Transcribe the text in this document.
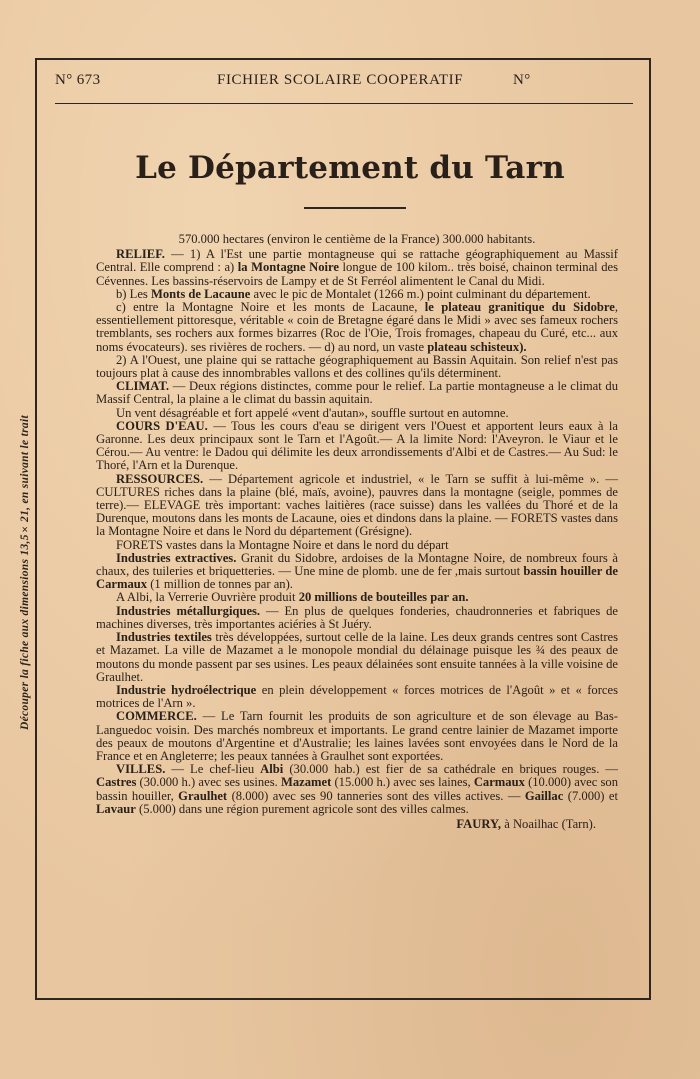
N° 673	FICHIER SCOLAIRE COOPERATIF	N°
Le Département du Tarn
Découper la fiche aux dimensions 13,5×21, en suivant le trait

570.000 hectares (environ le centième de la France) 300.000 habitants.

RELIEF. — 1) A l'Est une partie montagneuse qui se rattache géographiquement au Massif Central. Elle comprend : a) la Montagne Noire longue de 100 kilom.. très boisé, chainon terminal des Cévennes. Les bassins-réservoirs de Lampy et de St Ferréol alimentent le Canal du Midi.

b) Les Monts de Lacaune avec le pic de Montalet (1266 m.) point culminant du département.

c) entre la Montagne Noire et les monts de Lacaune, le plateau granitique du Sidobre, essentiellement pittoresque, véritable « coin de Bretagne égaré dans le Midi » avec ses fameux rochers tremblants, ses rochers aux formes bizarres (Roc de l'Oie, Trois fromages, chapeau du Curé, etc... aux noms évocateurs). ses rivières de rochers. — d) au nord, un vaste plateau schisteux).

2) A l'Ouest, une plaine qui se rattache géographiquement au Bassin Aquitain. Son relief n'est pas toujours plat à cause des innombrables vallons et des collines qu'ils déterminent.

CLIMAT. — Deux régions distinctes, comme pour le relief. La partie montagneuse a le climat du Massif Central, la plaine a le climat du bassin aquitain.

Un vent désagréable et fort appelé «vent d'autan», souffle surtout en automne.

COURS D'EAU. — Tous les cours d'eau se dirigent vers l'Ouest et apportent leurs eaux à la Garonne. Les deux principaux sont le Tarn et l'Agoût.— A la limite Nord: l'Aveyron. le Viaur et le Cérou.— Au ventre: le Dadou qui délimite les deux arrondissements d'Albi et de Castres.— Au Sud: le Thoré, l'Arn et la Durenque.

RESSOURCES. — Département agricole et industriel, « le Tarn se suffit à lui-même ». — CULTURES riches dans la plaine (blé, maïs, avoine), pauvres dans la montagne (seigle, pommes de terre).— ELEVAGE très important: vaches laitières (race suisse) dans les vallées du Thoré et de la Durenque, moutons dans les monts de Lacaune, oies et dindons dans la plaine. — FORETS vastes dans la Montagne Noire et dans le Nord du département (Grésigne).

FORETS vastes dans la Montagne Noire et dans le nord du départ

Industries extractives. Granit du Sidobre, ardoises de la Montagne Noire, de nombreux fours à chaux, des tuileries et briquetteries. — Une mine de plomb. une de fer ,mais surtout bassin houiller de Carmaux (1 million de tonnes par an).

A Albi, la Verrerie Ouvrière produit 20 millions de bouteilles par an.

Industries métallurgiques. — En plus de quelques fonderies, chaudronneries et fabriques de machines diverses, très importantes aciéries à St Juéry.

Industries textiles très développées, surtout celle de la laine. Les deux grands centres sont Castres et Mazamet. La ville de Mazamet a le monopole mondial du délainage puisque les ¾ des peaux de moutons du monde passent par ses usines. Les peaux délainées sont ensuite tannées à la ville voisine de Graulhet.

Industrie hydroélectrique en plein développement « forces motrices de l'Agoût » et « forces motrices de l'Arn ».

COMMERCE. — Le Tarn fournit les produits de son agriculture et de son élevage au Bas-Languedoc voisin. Des marchés nombreux et importants. Le grand centre lainier de Mazamet importe des peaux de moutons d'Argentine et d'Australie; les laines lavées sont envoyées dans le Nord de la France et en Angleterre; les peaux tannées à Graulhet sont exportées.

VILLES. — Le chef-lieu Albi (30.000 hab.) est fier de sa cathédrale en briques rouges. — Castres (30.000 h.) avec ses usines. Mazamet (15.000 h.) avec ses laines, Carmaux (10.000) avec son bassin houiller, Graulhet (8.000) avec ses 90 tanneries sont des villes actives. — Gaillac (7.000) et Lavaur (5.000) dans une région purement agricole sont des villes calmes.

FAURY, à Noailhac (Tarn).
